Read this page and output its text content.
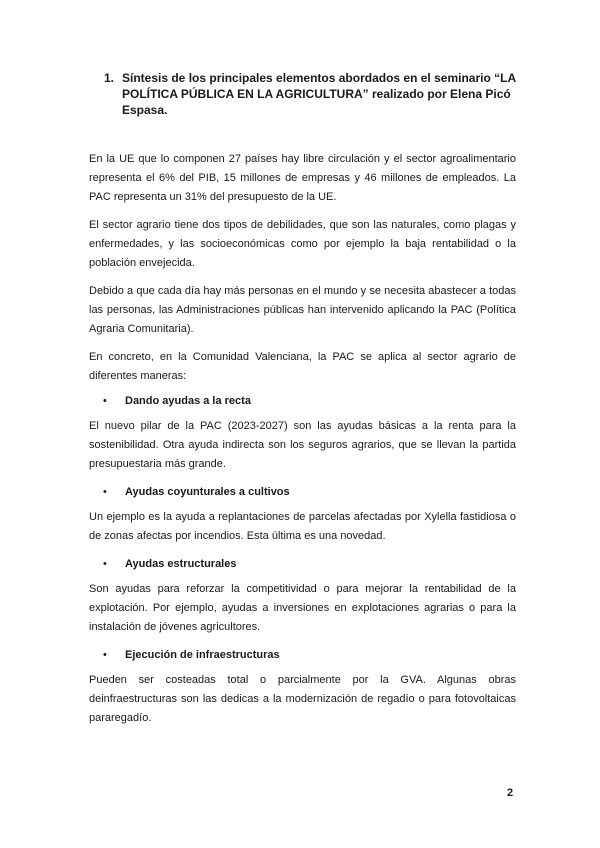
1. Síntesis de los principales elementos abordados en el seminario “LA POLÍTICA PÚBLICA EN LA AGRICULTURA” realizado por Elena Picó Espasa.

En la UE que lo componen 27 países hay libre circulación y el sector agroalimentario representa el 6% del PIB, 15 millones de empresas y 46 millones de empleados. La PAC representa un 31% del presupuesto de la UE.

El sector agrario tiene dos tipos de debilidades, que son las naturales, como plagas y enfermedades, y las socioeconómicas como por ejemplo la baja rentabilidad o la población envejecida.

Debido a que cada día hay más personas en el mundo y se necesita abastecer a todas las personas, las Administraciones públicas han intervenido aplicando la PAC (Política Agraria Comunitaria).

En concreto, en la Comunidad Valenciana, la PAC se aplica al sector agrario de diferentes maneras:

•	Dando ayudas a la recta

El nuevo pilar de la PAC (2023-2027) son las ayudas básicas a la renta para la sostenibilidad. Otra ayuda indirecta son los seguros agrarios, que se llevan la partida presupuestaria más grande.

•	Ayudas coyunturales a cultivos

Un ejemplo es la ayuda a replantaciones de parcelas afectadas por Xylella fastidiosa o de zonas afectas por incendios. Esta última es una novedad.

•	Ayudas estructurales

Son ayudas para reforzar la competitividad o para mejorar la rentabilidad de la explotación. Por ejemplo, ayudas a inversiones en explotaciones agrarias o para la instalación de jóvenes agricultores.

•	Ejecución de infraestructuras

Pueden ser costeadas total o parcialmente por la GVA. Algunas obras deinfraestructuras son las dedicas a la modernización de regadío o para fotovoltaicas pararegadío.

2
